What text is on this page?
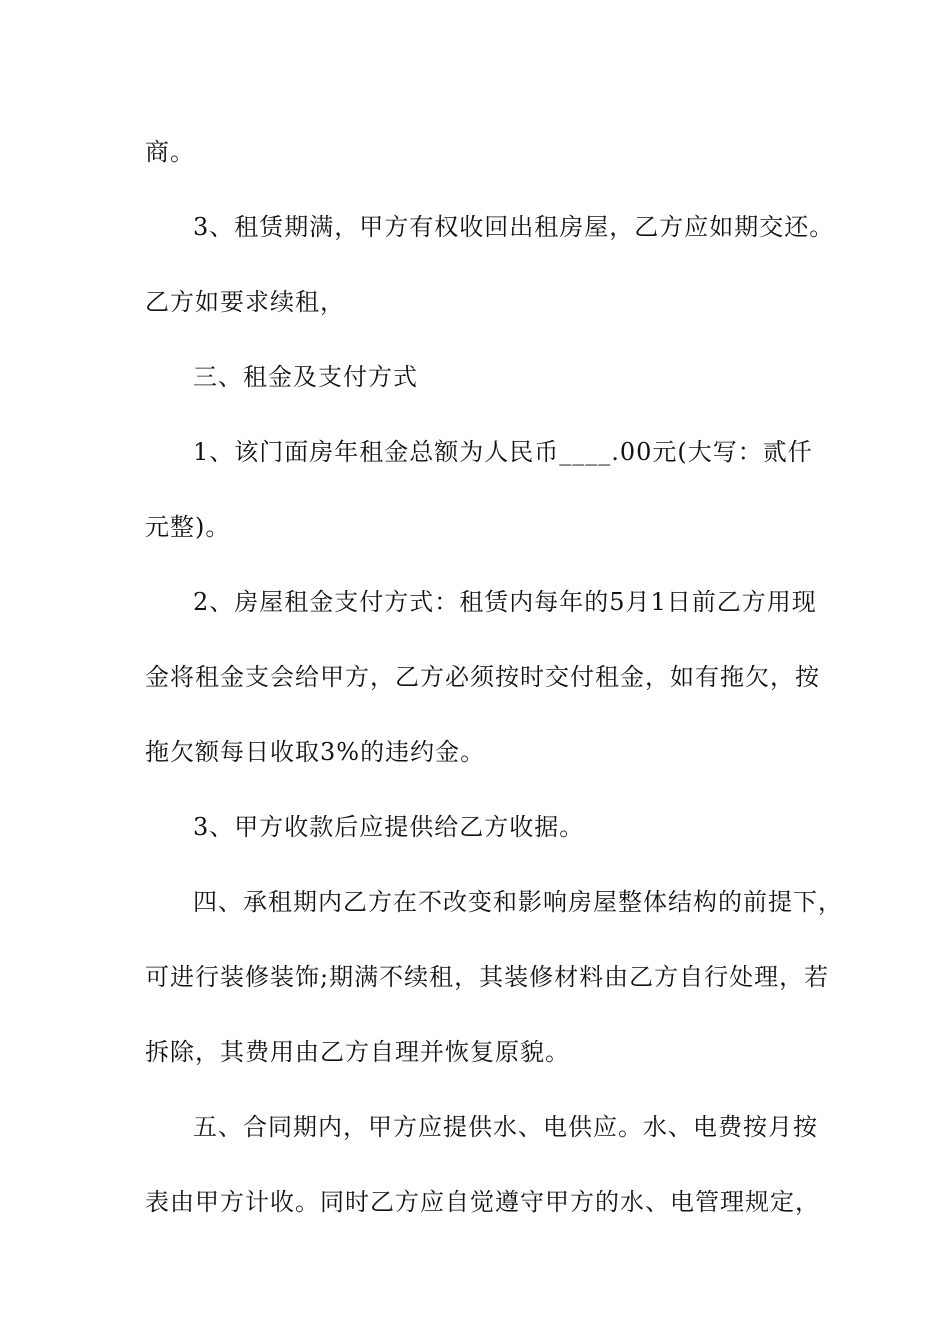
商。
3、租赁期满，甲方有权收回出租房屋，乙方应如期交还。
乙方如要求续租，
三、租金及支付方式
1、该门面房年租金总额为人民币____.00元(大写：贰仟
元整)。
2、房屋租金支付方式：租赁内每年的5月1日前乙方用现
金将租金支会给甲方，乙方必须按时交付租金，如有拖欠，按
拖欠额每日收取3%的违约金。
3、甲方收款后应提供给乙方收据。
四、承租期内乙方在不改变和影响房屋整体结构的前提下，
可进行装修装饰;期满不续租，其装修材料由乙方自行处理，若
拆除，其费用由乙方自理并恢复原貌。
五、合同期内，甲方应提供水、电供应。水、电费按月按
表由甲方计收。同时乙方应自觉遵守甲方的水、电管理规定，
